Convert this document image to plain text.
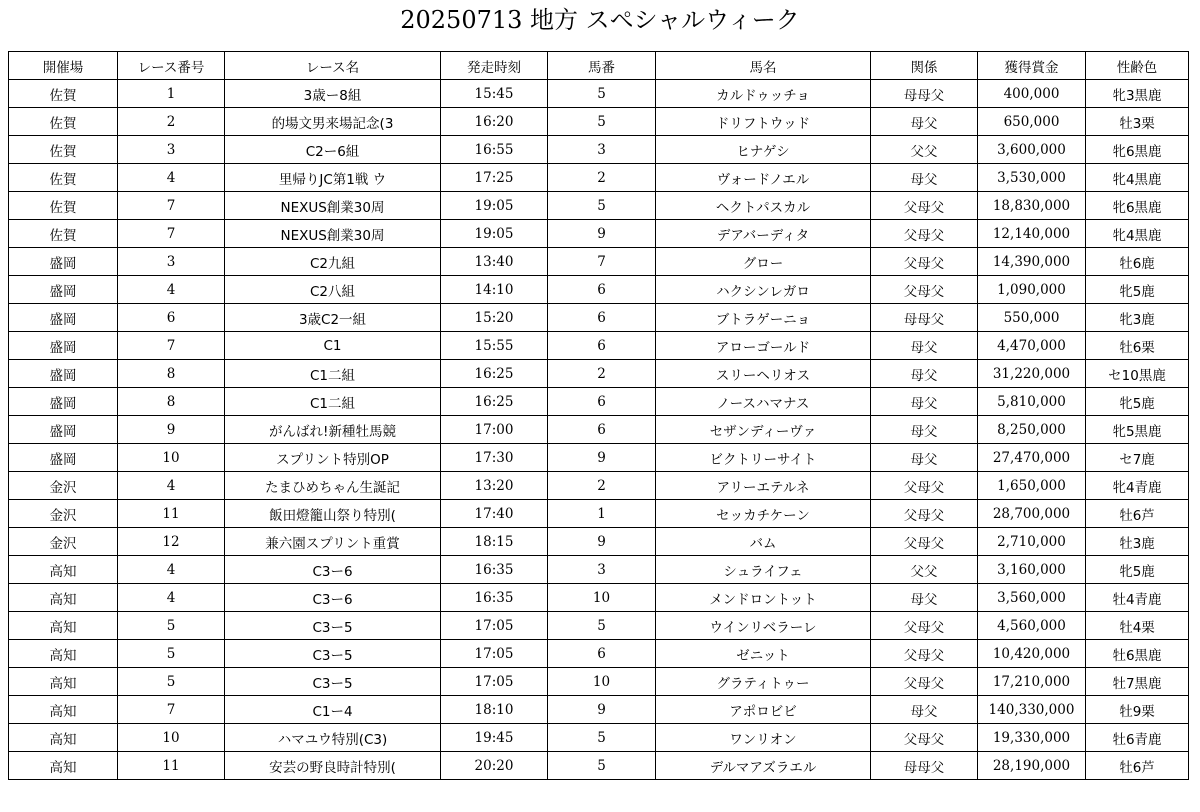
20250713 地方 スペシャルウィーク
開催場	レース番号	レース名	発走時刻	馬番	馬名	関係	獲得賞金	性齢色
佐賀	1	3歳ー8組	15:45	5	カルドゥッチョ	母母父	400,000	牝3黒鹿
佐賀	2	的場文男来場記念(3	16:20	5	ドリフトウッド	母父	650,000	牡3栗
佐賀	3	C2ー6組	16:55	3	ヒナゲシ	父父	3,600,000	牝6黒鹿
佐賀	4	里帰りJC第1戦 ウ	17:25	2	ヴォードノエル	母父	3,530,000	牝4黒鹿
佐賀	7	NEXUS創業30周	19:05	5	ヘクトパスカル	父母父	18,830,000	牝6黒鹿
佐賀	7	NEXUS創業30周	19:05	9	デアバーディタ	父母父	12,140,000	牝4黒鹿
盛岡	3	C2九組	13:40	7	グロー	父母父	14,390,000	牡6鹿
盛岡	4	C2八組	14:10	6	ハクシンレガロ	父母父	1,090,000	牝5鹿
盛岡	6	3歳C2一組	15:20	6	ブトラゲーニョ	母母父	550,000	牝3鹿
盛岡	7	C1	15:55	6	アローゴールド	母父	4,470,000	牡6栗
盛岡	8	C1二組	16:25	2	スリーヘリオス	母父	31,220,000	セ10黒鹿
盛岡	8	C1二組	16:25	6	ノースハマナス	母父	5,810,000	牝5鹿
盛岡	9	がんばれ!新種牡馬競	17:00	6	セザンディーヴァ	母父	8,250,000	牝5黒鹿
盛岡	10	スプリント特別OP	17:30	9	ビクトリーサイト	母父	27,470,000	セ7鹿
金沢	4	たまひめちゃん生誕記	13:20	2	アリーエテルネ	父母父	1,650,000	牝4青鹿
金沢	11	飯田燈籠山祭り特別(	17:40	1	セッカチケーン	父母父	28,700,000	牡6芦
金沢	12	兼六園スプリント重賞	18:15	9	バム	父母父	2,710,000	牡3鹿
高知	4	C3ー6	16:35	3	シュライフェ	父父	3,160,000	牝5鹿
高知	4	C3ー6	16:35	10	メンドロントット	母父	3,560,000	牡4青鹿
高知	5	C3ー5	17:05	5	ウインリベラーレ	父母父	4,560,000	牡4栗
高知	5	C3ー5	17:05	6	ゼニット	父母父	10,420,000	牡6黒鹿
高知	5	C3ー5	17:05	10	グラティトゥー	父母父	17,210,000	牡7黒鹿
高知	7	C1ー4	18:10	9	アポロビビ	母父	140,330,000	牡9栗
高知	10	ハマユウ特別(C3)	19:45	5	ワンリオン	父母父	19,330,000	牡6青鹿
高知	11	安芸の野良時計特別(	20:20	5	デルマアズラエル	母母父	28,190,000	牡6芦
